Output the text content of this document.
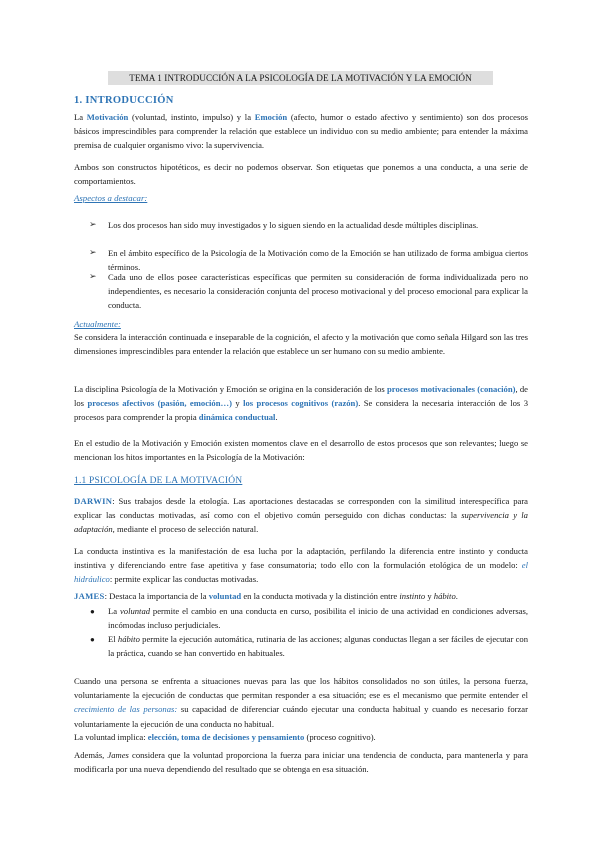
TEMA 1 INTRODUCCIÓN A LA PSICOLOGÍA DE LA MOTIVACIÓN Y LA EMOCIÓN
1. INTRODUCCIÓN
La Motivación (voluntad, instinto, impulso) y la Emoción (afecto, humor o estado afectivo y sentimiento) son dos procesos básicos imprescindibles para comprender la relación que establece un individuo con su medio ambiente; para entender la máxima premisa de cualquier organismo vivo: la supervivencia.
Ambos son constructos hipotéticos, es decir no podemos observar. Son etiquetas que ponemos a una conducta, a una serie de comportamientos.
Aspectos a destacar:
➢ Los dos procesos han sido muy investigados y lo siguen siendo en la actualidad desde múltiples disciplinas.
➢ En el ámbito específico de la Psicología de la Motivación como de la Emoción se han utilizado de forma ambigua ciertos términos.
➢ Cada uno de ellos posee características específicas que permiten su consideración de forma individualizada pero no independientes, es necesario la consideración conjunta del proceso motivacional y del proceso emocional para explicar la conducta.
Actualmente:
Se considera la interacción continuada e inseparable de la cognición, el afecto y la motivación que como señala Hilgard son las tres dimensiones imprescindibles para entender la relación que establece un ser humano con su medio ambiente.
La disciplina Psicología de la Motivación y Emoción se origina en la consideración de los procesos motivacionales (conación), de los procesos afectivos (pasión, emoción…) y los procesos cognitivos (razón). Se considera la necesaria interacción de los 3 procesos para comprender la propia dinámica conductual.
En el estudio de la Motivación y Emoción existen momentos clave en el desarrollo de estos procesos que son relevantes; luego se mencionan los hitos importantes en la Psicología de la Motivación:
1.1 PSICOLOGÍA DE LA MOTIVACIÓN
DARWIN: Sus trabajos desde la etología. Las aportaciones destacadas se corresponden con la similitud interespecífica para explicar las conductas motivadas, así como con el objetivo común perseguido con dichas conductas: la supervivencia y la adaptación, mediante el proceso de selección natural.
La conducta instintiva es la manifestación de esa lucha por la adaptación, perfilando la diferencia entre instinto y conducta instintiva y diferenciando entre fase apetitiva y fase consumatoria; todo ello con la formulación etológica de un modelo: el hidráulico: permite explicar las conductas motivadas.
JAMES: Destaca la importancia de la voluntad en la conducta motivada y la distinción entre instinto y hábito.
● La voluntad permite el cambio en una conducta en curso, posibilita el inicio de una actividad en condiciones adversas, incómodas incluso perjudiciales.
● El hábito permite la ejecución automática, rutinaria de las acciones; algunas conductas llegan a ser fáciles de ejecutar con la práctica, cuando se han convertido en habituales.
Cuando una persona se enfrenta a situaciones nuevas para las que los hábitos consolidados no son útiles, la persona fuerza, voluntariamente la ejecución de conductas que permitan responder a esa situación; ese es el mecanismo que permite entender el crecimiento de las personas: su capacidad de diferenciar cuándo ejecutar una conducta habitual y cuando es necesario forzar voluntariamente la ejecución de una conducta no habitual.
La voluntad implica: elección, toma de decisiones y pensamiento (proceso cognitivo).
Además, James considera que la voluntad proporciona la fuerza para iniciar una tendencia de conducta, para mantenerla y para modificarla por una nueva dependiendo del resultado que se obtenga en esa situación.
